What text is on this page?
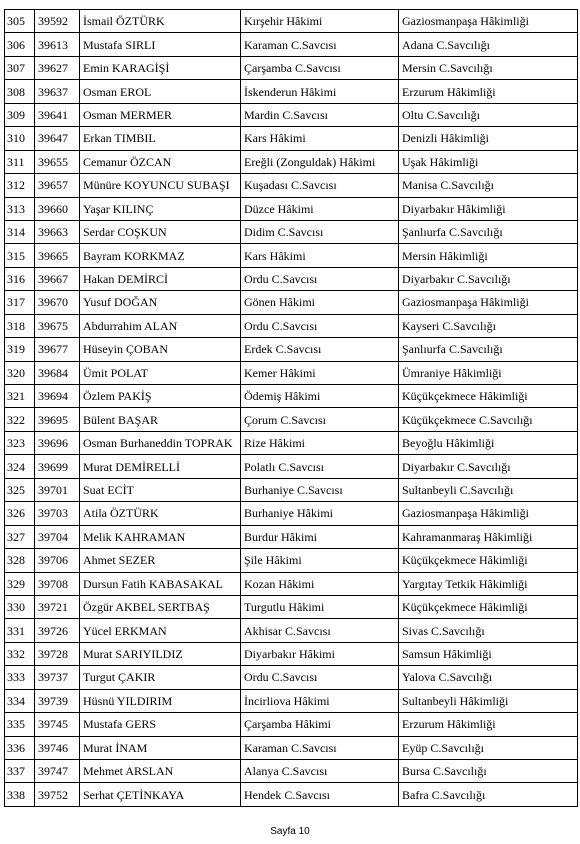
305	39592	İsmail ÖZTÜRK	Kırşehir Hâkimi	Gaziosmanpaşa Hâkimliği
306	39613	Mustafa SIRLI	Karaman C.Savcısı	Adana C.Savcılığı
307	39627	Emin KARAGİŞİ	Çarşamba C.Savcısı	Mersin C.Savcılığı
308	39637	Osman EROL	İskenderun Hâkimi	Erzurum Hâkimliği
309	39641	Osman MERMER	Mardin C.Savcısı	Oltu C.Savcılığı
310	39647	Erkan TIMBIL	Kars Hâkimi	Denizli Hâkimliği
311	39655	Cemanur ÖZCAN	Ereğli (Zonguldak) Hâkimi	Uşak Hâkimliği
312	39657	Münüre KOYUNCU SUBAŞI	Kuşadası C.Savcısı	Manisa C.Savcılığı
313	39660	Yaşar KILINÇ	Düzce Hâkimi	Diyarbakır Hâkimliği
314	39663	Serdar COŞKUN	Didim C.Savcısı	Şanlıurfa C.Savcılığı
315	39665	Bayram KORKMAZ	Kars Hâkimi	Mersin Hâkimliği
316	39667	Hakan DEMİRCİ	Ordu C.Savcısı	Diyarbakır C.Savcılığı
317	39670	Yusuf DOĞAN	Gönen Hâkimi	Gaziosmanpaşa Hâkimliği
318	39675	Abdurrahim ALAN	Ordu C.Savcısı	Kayseri C.Savcılığı
319	39677	Hüseyin ÇOBAN	Erdek C.Savcısı	Şanlıurfa C.Savcılığı
320	39684	Ümit POLAT	Kemer Hâkimi	Ümraniye Hâkimliği
321	39694	Özlem PAKİŞ	Ödemiş Hâkimi	Küçükçekmece Hâkimliği
322	39695	Bülent BAŞAR	Çorum C.Savcısı	Küçükçekmece C.Savcılığı
323	39696	Osman Burhaneddin TOPRAK	Rize Hâkimi	Beyoğlu Hâkimliği
324	39699	Murat DEMİRELLİ	Polatlı C.Savcısı	Diyarbakır C.Savcılığı
325	39701	Suat ECİT	Burhaniye C.Savcısı	Sultanbeyli C.Savcılığı
326	39703	Atila ÖZTÜRK	Burhaniye Hâkimi	Gaziosmanpaşa Hâkimliği
327	39704	Melik KAHRAMAN	Burdur Hâkimi	Kahramanmaraş Hâkimliği
328	39706	Ahmet SEZER	Şile Hâkimi	Küçükçekmece Hâkimliği
329	39708	Dursun Fatih KABASAKAL	Kozan Hâkimi	Yargıtay Tetkik Hâkimliği
330	39721	Özgür AKBEL SERTBAŞ	Turgutlu Hâkimi	Küçükçekmece Hâkimliği
331	39726	Yücel ERKMAN	Akhisar C.Savcısı	Sivas C.Savcılığı
332	39728	Murat SARIYILDIZ	Diyarbakır Hâkimi	Samsun Hâkimliği
333	39737	Turgut ÇAKIR	Ordu C.Savcısı	Yalova C.Savcılığı
334	39739	Hüsnü YILDIRIM	İncirliova Hâkimi	Sultanbeyli Hâkimliği
335	39745	Mustafa GERS	Çarşamba Hâkimi	Erzurum Hâkimliği
336	39746	Murat İNAM	Karaman C.Savcısı	Eyüp C.Savcılığı
337	39747	Mehmet ARSLAN	Alanya C.Savcısı	Bursa C.Savcılığı
338	39752	Serhat ÇETİNKAYA	Hendek C.Savcısı	Bafra C.Savcılığı
Sayfa 10
